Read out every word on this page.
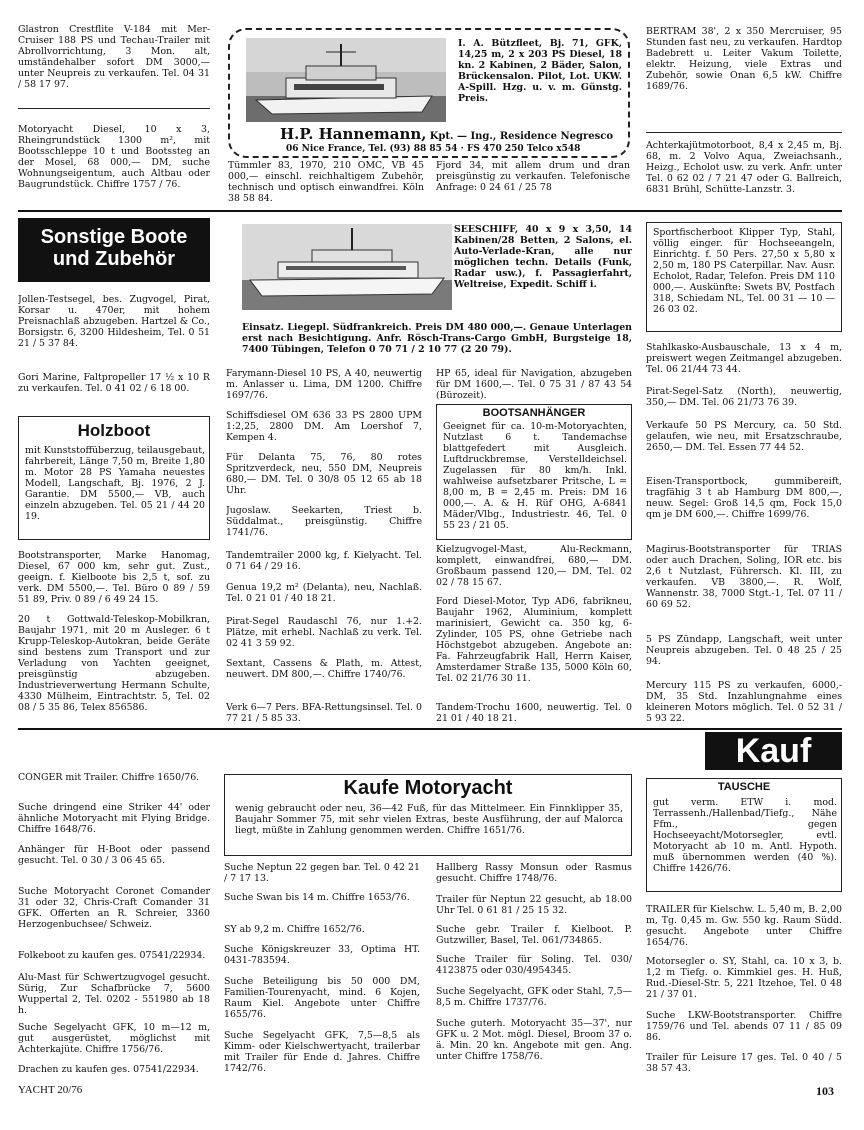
Glastron Crestflite V-184 mit Mer-Cruiser 188 PS und Techau-Trailer mit Abrollvorrichtung, 3 Mon. alt, umständehalber sofort DM 3000,— unter Neupreis zu verkaufen. Tel. 04 31 / 58 17 97.
Motoryacht Diesel, 10 x 3, Rheingrundstück 1300 m², mit Bootsschleppe 10 t und Bootssteg an der Mosel, 68 000,— DM, suche Wohnungseigentum, auch Altbau oder Baugrundstück. Chiffre 1757 / 76.
I. A. Bützfleet, Bj. 71, GFK, 14,25 m, 2 x 203 PS Diesel, 18 kn. 2 Kabinen, 2 Bäder, Salon, Brückensalon. Pilot, Lot. UKW. A-Spill. Hzg. u. v. m. Günstg. Preis.
H.P. Hannemann, Kpt. — Ing., Residence Negresco
06 Nice France, Tel. (93) 88 85 54 · FS 470 250 Telco x548
Tümmler 83, 1970, 210 OMC, VB 45 000,— einschl. reichhaltigem Zubehör, technisch und optisch einwandfrei. Köln 38 58 84.
Fjord 34, mit allem drum und dran preisgünstig zu verkaufen. Telefonische Anfrage: 0 24 61 / 25 78
BERTRAM 38', 2 x 350 Mercruiser, 95 Stunden fast neu, zu verkaufen. Hardtop Badebrett u. Leiter Vakum Toilette, elektr. Heizung, viele Extras und Zubehör, sowie Onan 6,5 kW. Chiffre 1689/76.
Achterkajütmotorboot, 8,4 x 2,45 m, Bj. 68, m. 2 Volvo Aqua, Zweiachsanh., Heizg., Echolot usw. zu verk. Anfr. unter Tel. 0 62 02 / 7 21 47 oder G. Ballreich, 6831 Brühl, Schütte-Lanzstr. 3.
Sonstige Boote und Zubehör
Jollen-Testsegel, bes. Zugvogel, Pirat, Korsar u. 470er, mit hohem Preisnachlaß abzugeben. Hartzel & Co., Borsigstr. 6, 3200 Hildesheim, Tel. 0 51 21 / 5 37 84.
Gori Marine, Faltpropeller 17 ½ x 10 R zu verkaufen. Tel. 0 41 02 / 6 18 00.
Holzboot
mit Kunststoffüberzug, teilausgebaut, fahrbereit, Länge 7,50 m, Breite 1,80 m. Motor 28 PS Yamaha neuestes Modell, Langschaft, Bj. 1976, 2 J. Garantie. DM 5500,— VB, auch einzeln abzugeben. Tel. 05 21 / 44 20 19.
Bootstransporter, Marke Hanomag, Diesel, 67 000 km, sehr gut. Zust., geeign. f. Kielboote bis 2,5 t, sof. zu verk. DM 5500,—. Tel. Büro 0 89 / 59 51 89, Priv. 0 89 / 6 49 24 15.
20 t Gottwald-Teleskop-Mobilkran, Baujahr 1971, mit 20 m Ausleger. 6 t Krupp-Teleskop-Autokran, beide Geräte sind bestens zum Transport und zur Verladung von Yachten geeignet, preisgünstig abzugeben. Industrieverwertung Hermann Schulte, 4330 Mülheim, Eintrachtstr. 5, Tel. 02 08 / 5 35 86, Telex 856586.
SEESCHIFF, 40 x 9 x 3,50, 14 Kabinen/28 Betten, 2 Salons, el. Auto-Verlade-Kran, alle nur möglichen techn. Details (Funk, Radar usw.), f. Passagierfahrt, Weltreise, Expedit. Schiff i.
Einsatz. Liegepl. Südfrankreich. Preis DM 480 000,—. Genaue Unterlagen erst nach Besichtigung. Anfr. Rösch-Trans-Cargo GmbH, Burgsteige 18, 7400 Tübingen, Telefon 0 70 71 / 2 10 77 (2 20 79).
Farymann-Diesel 10 PS, A 40, neuwertig m. Anlasser u. Lima, DM 1200. Chiffre 1697/76.
Schiffsdiesel OM 636 33 PS 2800 UPM 1:2,25, 2800 DM. Am Loershof 7, Kempen 4.
Für Delanta 75, 76, 80 rotes Spritzverdeck, neu, 550 DM, Neupreis 680,— DM. Tel. 0 30/8 05 12 65 ab 18 Uhr.
Jugoslaw. Seekarten, Triest b. Süddalmat., preisgünstig. Chiffre 1741/76.
Tandemtrailer 2000 kg, f. Kielyacht. Tel. 0 71 64 / 29 16.
Genua 19,2 m² (Delanta), neu, Nachlaß. Tel. 0 21 01 / 40 18 21.
Pirat-Segel Raudaschl 76, nur 1.+2. Plätze, mit erhebl. Nachlaß zu verk. Tel. 02 41 3 59 92.
Sextant, Cassens & Plath, m. Attest, neuwert. DM 800,—. Chiffre 1740/76.
Verk 6—7 Pers. BFA-Rettungsinsel. Tel. 0 77 21 / 5 85 33.
HP 65, ideal für Navigation, abzugeben für DM 1600,—. Tel. 0 75 31 / 87 43 54 (Bürozeit).
BOOTSANHÄNGER
Geeignet für ca. 10-m-Motoryachten, Nutzlast 6 t. Tandemachse blattgefedert mit Ausgleich. Luftdruckbremse, Verstelldeichsel. Zugelassen für 80 km/h. Inkl. wahlweise aufsetzbarer Pritsche, L = 8,00 m, B = 2,45 m. Preis: DM 16 000,—. A. & H. Rüf OHG, A-6841 Mäder/Vlbg., Industriestr. 46, Tel. 0 55 23 / 21 05.
Kielzugvogel-Mast, Alu-Reckmann, komplett, einwandfrei, 680,— DM. Großbaum passend 120,— DM. Tel. 02 02 / 78 15 67.
Ford Diesel-Motor, Typ AD6, fabrikneu, Baujahr 1962, Aluminium, komplett marinisiert, Gewicht ca. 350 kg, 6-Zylinder, 105 PS, ohne Getriebe nach Höchstgebot abzugeben. Angebote an: Fa. Fahrzeugfabrik Hall, Herrn Kaiser, Amsterdamer Straße 135, 5000 Köln 60, Tel. 02 21/76 30 11.
Tandem-Trochu 1600, neuwertig. Tel. 0 21 01 / 40 18 21.
Sportfischerboot Klipper Typ, Stahl, völlig einger. für Hochseeangeln, Einrichtg. f. 50 Pers. 27,50 x 5,80 x 2,50 m, 180 PS Caterpillar. Nav. Ausr. Echolot, Radar, Telefon. Preis DM 110 000,—. Auskünfte: Swets BV, Postfach 318, Schiedam NL, Tel. 00 31 — 10 — 26 03 02.
Stahlkasko-Ausbauschale, 13 x 4 m, preiswert wegen Zeitmangel abzugeben. Tel. 06 21/44 73 44.
Pirat-Segel-Satz (North), neuwertig, 350,— DM. Tel. 06 21/73 76 39.
Verkaufe 50 PS Mercury, ca. 50 Std. gelaufen, wie neu, mit Ersatzschraube, 2650,— DM. Tel. Essen 77 44 52.
Eisen-Transportbock, gummibereift, tragfähig 3 t ab Hamburg DM 800,—, neuw. Segel: Groß 14,5 qm, Fock 15,0 qm je DM 600,—. Chiffre 1699/76.
Magirus-Bootstransporter für TRIAS oder auch Drachen, Soling, IOR etc. bis 2,6 t Nutzlast, Führersch. Kl. III, zu verkaufen. VB 3800,—. R. Wolf, Wannenstr. 38, 7000 Stgt.-1, Tel. 07 11 / 60 69 52.
5 PS Zündapp, Langschaft, weit unter Neupreis abzugeben. Tel. 0 48 25 / 25 94.
Mercury 115 PS zu verkaufen, 6000,- DM, 35 Std. Inzahlungnahme eines kleineren Motors möglich. Tel. 0 52 31 / 5 93 22.
Kauf
CONGER mit Trailer. Chiffre 1650/76.
Suche dringend eine Striker 44' oder ähnliche Motoryacht mit Flying Bridge. Chiffre 1648/76.
Anhänger für H-Boot oder passend gesucht. Tel. 0 30 / 3 06 45 65.
Suche Motoryacht Coronet Comander 31 oder 32, Chris-Craft Comander 31 GFK. Offerten an R. Schreier, 3360 Herzogenbuchsee/ Schweiz.
Folkeboot zu kaufen ges. 07541/22934.
Alu-Mast für Schwertzugvogel gesucht. Sürig, Zur Schafbrücke 7, 5600 Wuppertal 2, Tel. 0202 - 551980 ab 18 h.
Suche Segelyacht GFK, 10 m—12 m, gut ausgerüstet, möglichst mit Achterkajüte. Chiffre 1756/76.
Drachen zu kaufen ges. 07541/22934.
Kaufe Motoryacht
wenig gebraucht oder neu, 36—42 Fuß, für das Mittelmeer. Ein Finnklipper 35, Baujahr Sommer 75, mit sehr vielen Extras, beste Ausführung, der auf Malorca liegt, müßte in Zahlung genommen werden. Chiffre 1651/76.
Suche Neptun 22 gegen bar. Tel. 0 42 21 / 7 17 13.
Suche Swan bis 14 m. Chiffre 1653/76.
SY ab 9,2 m. Chiffre 1652/76.
Suche Königskreuzer 33, Optima HT. 0431-783594.
Suche Beteiligung bis 50 000 DM, Familien-Tourenyacht, mind. 6 Kojen, Raum Kiel. Angebote unter Chiffre 1655/76.
Suche Segelyacht GFK, 7,5—8,5 als Kimm- oder Kielschwertyacht, trailerbar mit Trailer für Ende d. Jahres. Chiffre 1742/76.
Hallberg Rassy Monsun oder Rasmus gesucht. Chiffre 1748/76.
Trailer für Neptun 22 gesucht, ab 18.00 Uhr Tel. 0 61 81 / 25 15 32.
Suche gebr. Trailer f. Kielboot. P. Gutzwiller, Basel, Tel. 061/734865.
Suche Trailer für Soling. Tel. 030/ 4123875 oder 030/4954345.
Suche Segelyacht, GFK oder Stahl, 7,5—8,5 m. Chiffre 1737/76.
Suche guterh. Motoryacht 35—37', nur GFK u. 2 Mot. mögl. Diesel, Broom 37 o. ä. Min. 20 kn. Angebote mit gen. Ang. unter Chiffre 1758/76.
TAUSCHE
gut verm. ETW i. mod. Terrassenh./Hallenbad/Tiefg., Nähe Ffm., gegen Hochseeyacht/Motorsegler, evtl. Motoryacht ab 10 m. Antl. Hypoth. muß übernommen werden (40 %). Chiffre 1426/76.
TRAILER für Kielschw. L. 5,40 m, B. 2,00 m, Tg. 0,45 m. Gw. 550 kg. Raum Südd. gesucht. Angebote unter Chiffre 1654/76.
Motorsegler o. SY, Stahl, ca. 10 x 3, b. 1,2 m Tiefg. o. Kimmkiel ges. H. Huß, Rud.-Diesel-Str. 5, 221 Itzehoe, Tel. 0 48 21 / 37 01.
Suche LKW-Bootstransporter. Chiffre 1759/76 und Tel. abends 07 11 / 85 09 86.
Trailer für Leisure 17 ges. Tel. 0 40 / 5 38 57 43.
YACHT 20/76	103
